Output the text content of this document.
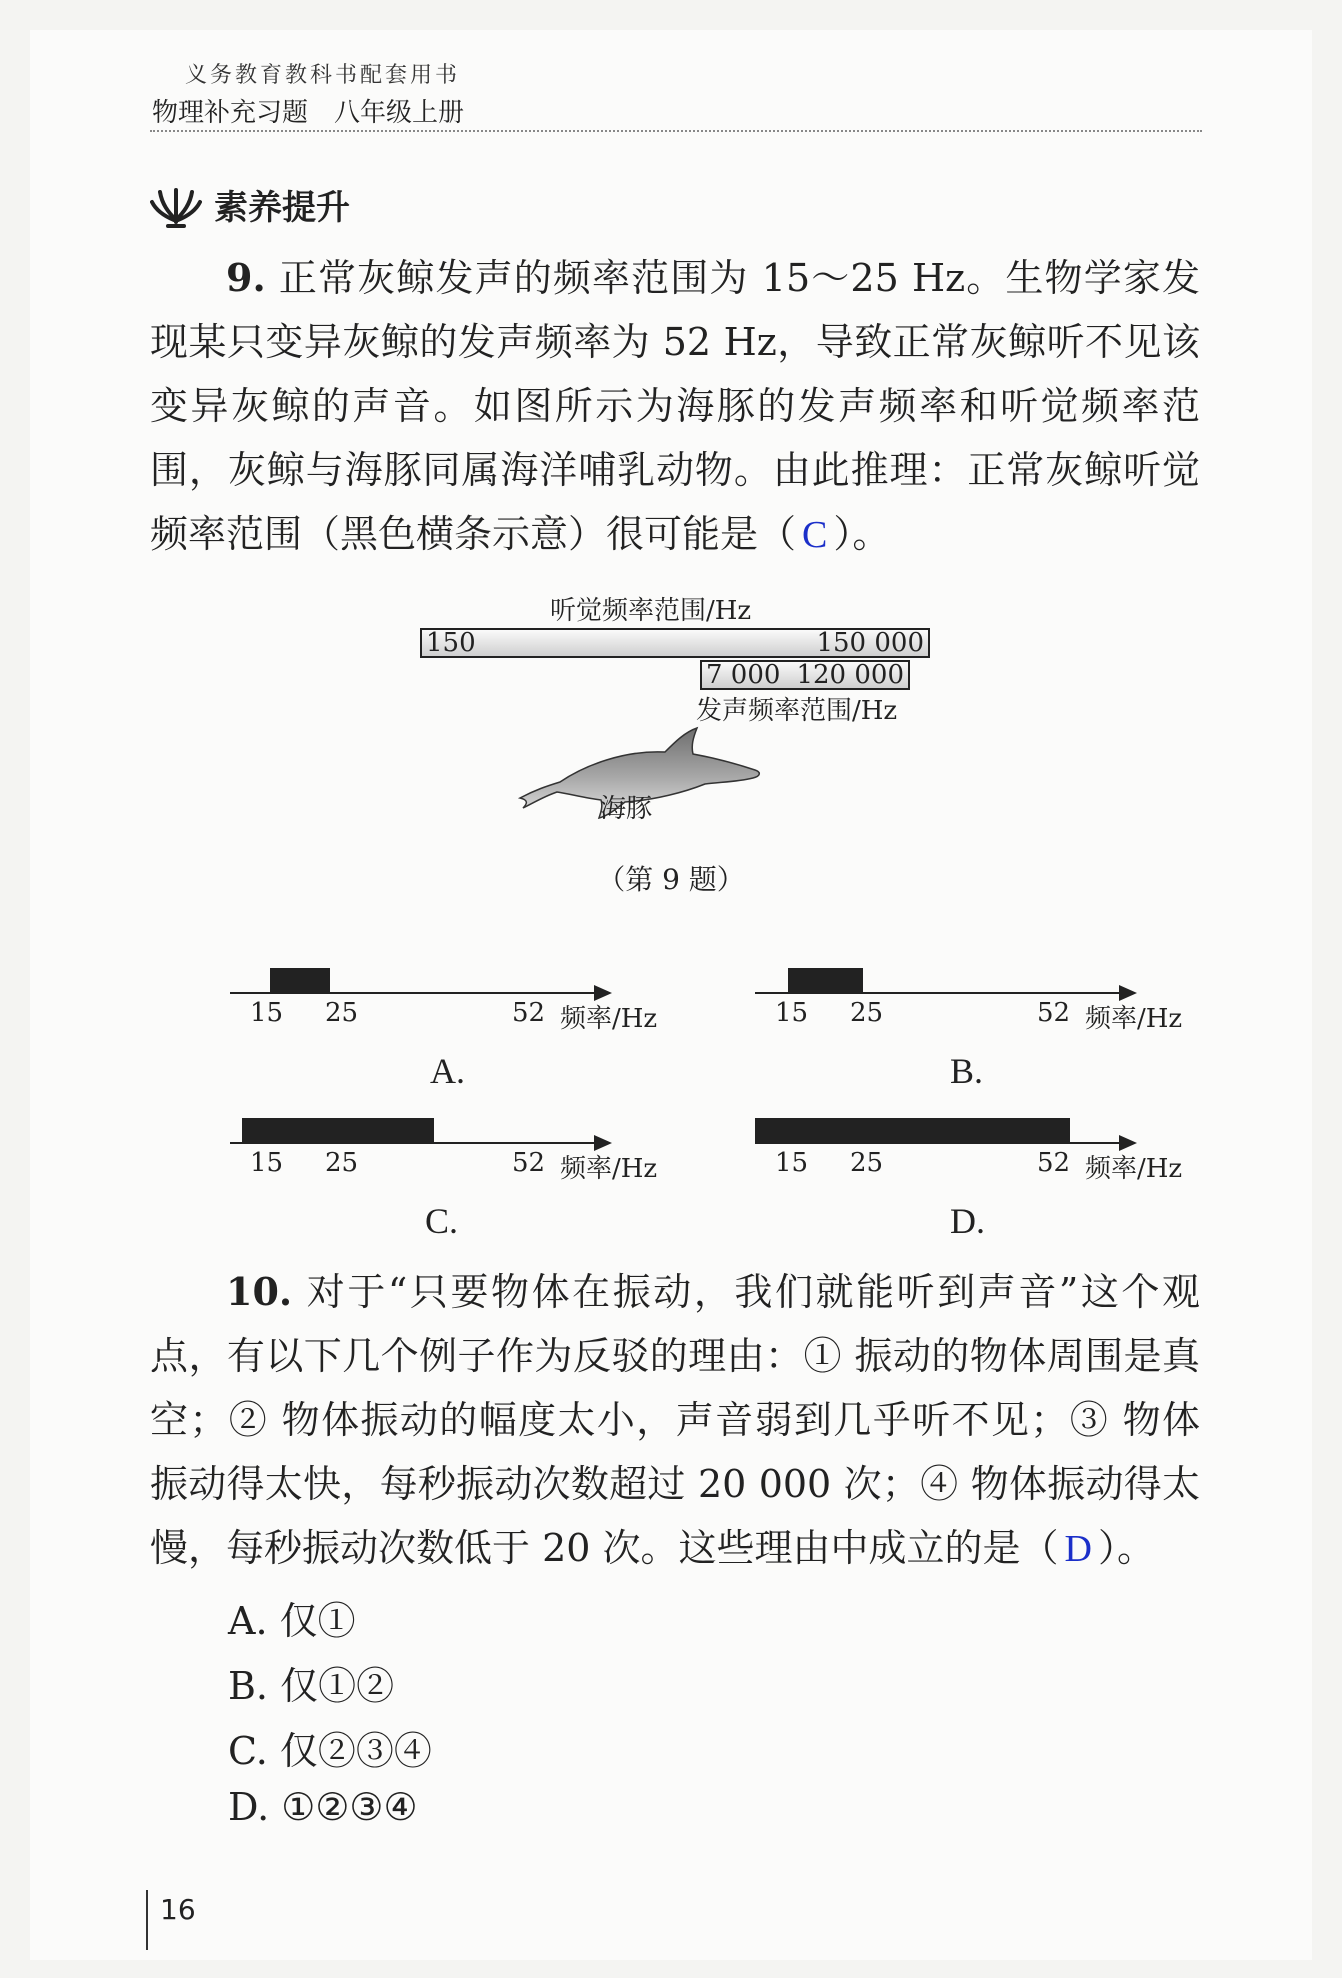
义务教育教科书配套用书
物理补充习题　八年级上册
素养提升
9. 正常灰鲸发声的频率范围为 15～25 Hz。生物学家发现某只变异灰鲸的发声频率为 52 Hz，导致正常灰鲸听不见该变异灰鲸的声音。如图所示为海豚的发声频率和听觉频率范围，灰鲸与海豚同属海洋哺乳动物。由此推理：正常灰鲸听觉频率范围（黑色横条示意）很可能是（ C ）。
听觉频率范围/Hz
150	150 000
7 000 120 000
发声频率范围/Hz
海豚
（第 9 题）
15 25	52 频率/Hz
A.
15 25	52 频率/Hz
B.
15 25	52 频率/Hz
C.
15 25	52 频率/Hz
D.
10. 对于“只要物体在振动，我们就能听到声音”这个观点，有以下几个例子作为反驳的理由：① 振动的物体周围是真空；② 物体振动的幅度太小，声音弱到几乎听不见；③ 物体振动得太快，每秒振动次数超过 20 000 次；④ 物体振动得太慢，每秒振动次数低于 20 次。这些理由中成立的是（ D ）。
A. 仅①
B. 仅①②
C. 仅②③④
D. ①②③④
16
